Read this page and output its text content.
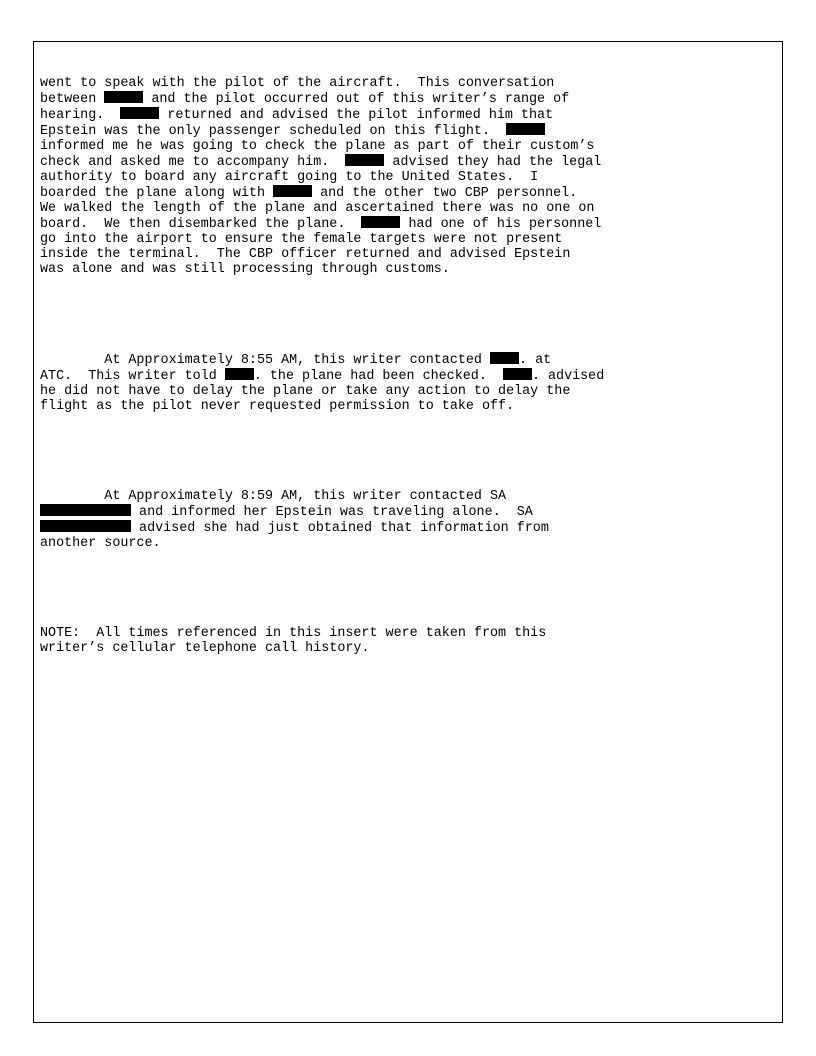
went to speak with the pilot of the aircraft.  This conversation
between	and the pilot occurred out of this writer’s range of
hearing.	returned and advised the pilot informed him that
Epstein was the only passenger scheduled on this flight.
informed me he was going to check the plane as part of their custom’s
check and asked me to accompany him.	advised they had the legal
authority to board any aircraft going to the United States.  I
boarded the plane along with	and the other two CBP personnel.
We walked the length of the plane and ascertained there was no one on
board.  We then disembarked the plane.	had one of his personnel
go into the airport to ensure the female targets were not present
inside the terminal.  The CBP officer returned and advised Epstein
was alone and was still processing through customs.

At Approximately 8:55 AM, this writer contacted . at
ATC.  This writer told . the plane had been checked.  . advised
he did not have to delay the plane or take any action to delay the
flight as the pilot never requested permission to take off.

At Approximately 8:59 AM, this writer contacted SA
and informed her Epstein was traveling alone.  SA
advised she had just obtained that information from
another source.

NOTE:  All times referenced in this insert were taken from this
writer’s cellular telephone call history.
